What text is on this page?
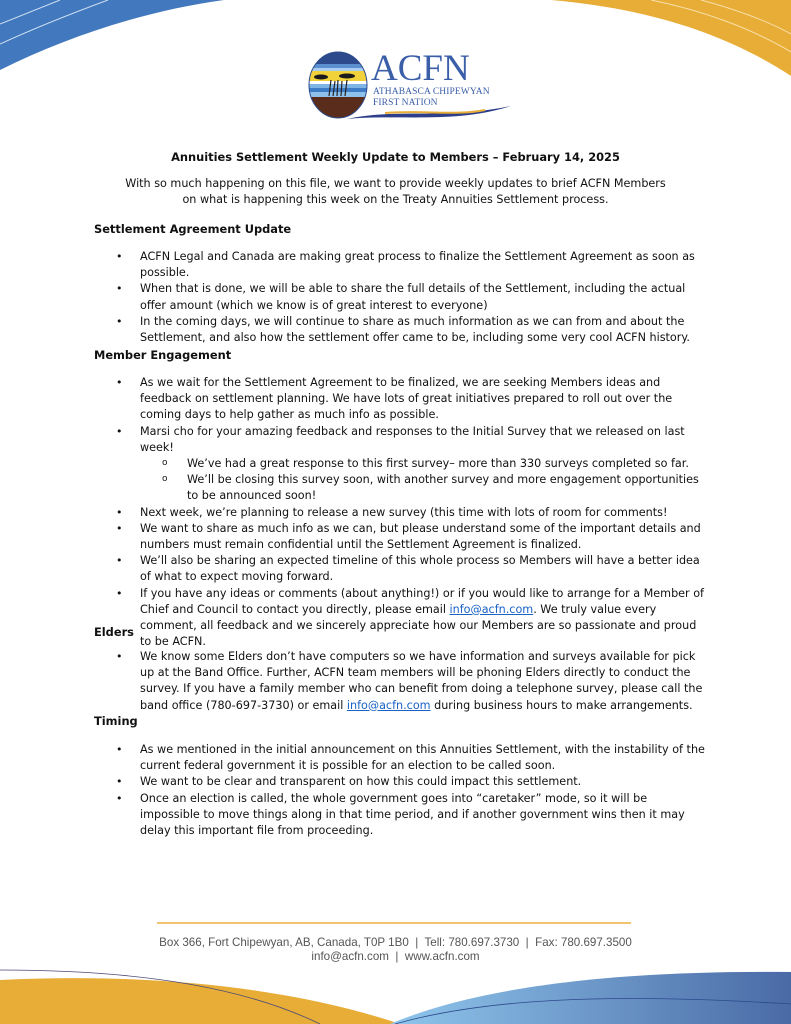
ACFN
ATHABASCA CHIPEWYAN
FIRST NATION
Annuities Settlement Weekly Update to Members – February 14, 2025
With so much happening on this file, we want to provide weekly updates to brief ACFN Members
on what is happening this week on the Treaty Annuities Settlement process.
Settlement Agreement Update
• ACFN Legal and Canada are making great process to finalize the Settlement Agreement as soon as possible.
• When that is done, we will be able to share the full details of the Settlement, including the actual offer amount (which we know is of great interest to everyone)
• In the coming days, we will continue to share as much information as we can from and about the Settlement, and also how the settlement offer came to be, including some very cool ACFN history.
Member Engagement
• As we wait for the Settlement Agreement to be finalized, we are seeking Members ideas and feedback on settlement planning. We have lots of great initiatives prepared to roll out over the coming days to help gather as much info as possible.
• Marsi cho for your amazing feedback and responses to the Initial Survey that we released on last week!
o We’ve had a great response to this first survey– more than 330 surveys completed so far.
o We’ll be closing this survey soon, with another survey and more engagement opportunities to be announced soon!
• Next week, we’re planning to release a new survey (this time with lots of room for comments!
• We want to share as much info as we can, but please understand some of the important details and numbers must remain confidential until the Settlement Agreement is finalized.
• We’ll also be sharing an expected timeline of this whole process so Members will have a better idea of what to expect moving forward.
• If you have any ideas or comments (about anything!) or if you would like to arrange for a Member of Chief and Council to contact you directly, please email info@acfn.com. We truly value every comment, all feedback and we sincerely appreciate how our Members are so passionate and proud to be ACFN.
Elders
• We know some Elders don’t have computers so we have information and surveys available for pick up at the Band Office. Further, ACFN team members will be phoning Elders directly to conduct the survey. If you have a family member who can benefit from doing a telephone survey, please call the band office (780-697-3730) or email info@acfn.com during business hours to make arrangements.
Timing
• As we mentioned in the initial announcement on this Annuities Settlement, with the instability of the current federal government it is possible for an election to be called soon.
• We want to be clear and transparent on how this could impact this settlement.
• Once an election is called, the whole government goes into “caretaker” mode, so it will be impossible to move things along in that time period, and if another government wins then it may delay this important file from proceeding.
Box 366, Fort Chipewyan, AB, Canada, T0P 1B0  |  Tell: 780.697.3730  |  Fax: 780.697.3500
info@acfn.com  |  www.acfn.com
